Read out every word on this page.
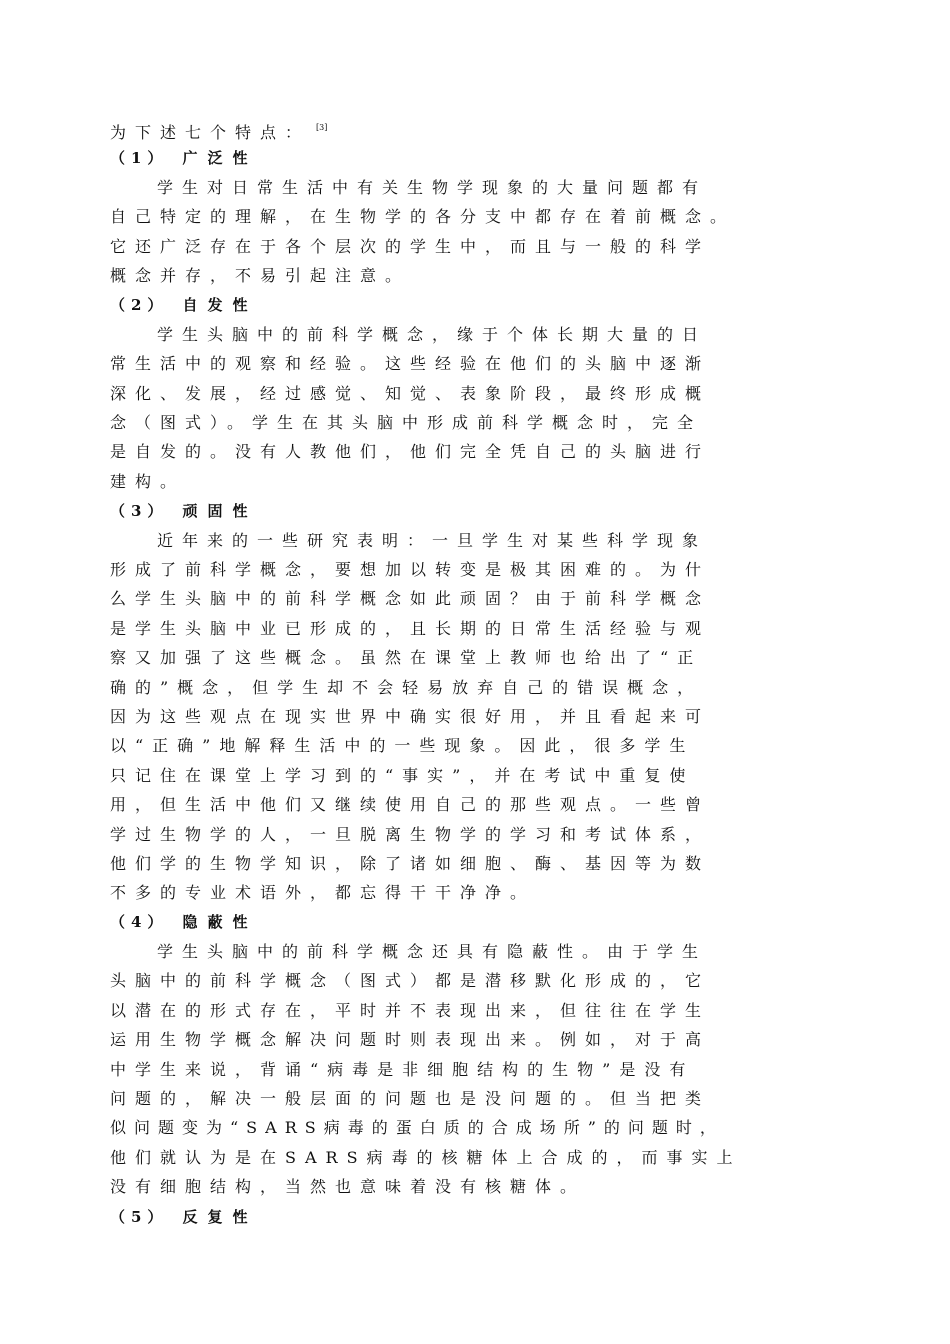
为下述七个特点： [3]
（1） 广泛性
学生对日常生活中有关生物学现象的大量问题都有
自己特定的理解，在生物学的各分支中都存在着前概念。
它还广泛存在于各个层次的学生中，而且与一般的科学
概念并存，不易引起注意。
（2） 自发性
学生头脑中的前科学概念，缘于个体长期大量的日
常生活中的观察和经验。这些经验在他们的头脑中逐渐
深化、发展，经过感觉、知觉、表象阶段，最终形成概
念（图式）。学生在其头脑中形成前科学概念时，完全
是自发的。没有人教他们，他们完全凭自己的头脑进行
建构。
（3） 顽固性
近年来的一些研究表明：一旦学生对某些科学现象
形成了前科学概念，要想加以转变是极其困难的。为什
么学生头脑中的前科学概念如此顽固？由于前科学概念
是学生头脑中业已形成的，且长期的日常生活经验与观
察又加强了这些概念。虽然在课堂上教师也给出了“正
确的”概念，但学生却不会轻易放弃自己的错误概念，
因为这些观点在现实世界中确实很好用，并且看起来可
以“正确”地解释生活中的一些现象。因此，很多学生
只记住在课堂上学习到的“事实”，并在考试中重复使
用，但生活中他们又继续使用自己的那些观点。一些曾
学过生物学的人，一旦脱离生物学的学习和考试体系，
他们学的生物学知识，除了诸如细胞、酶、基因等为数
不多的专业术语外，都忘得干干净净。
（4） 隐蔽性
学生头脑中的前科学概念还具有隐蔽性。由于学生
头脑中的前科学概念（图式）都是潜移默化形成的，它
以潜在的形式存在，平时并不表现出来，但往往在学生
运用生物学概念解决问题时则表现出来。例如，对于高
中学生来说，背诵“病毒是非细胞结构的生物”是没有
问题的，解决一般层面的问题也是没问题的。但当把类
似问题变为“SARS病毒的蛋白质的合成场所”的问题时，
他们就认为是在SARS病毒的核糖体上合成的，而事实上
没有细胞结构，当然也意味着没有核糖体。
（5） 反复性
